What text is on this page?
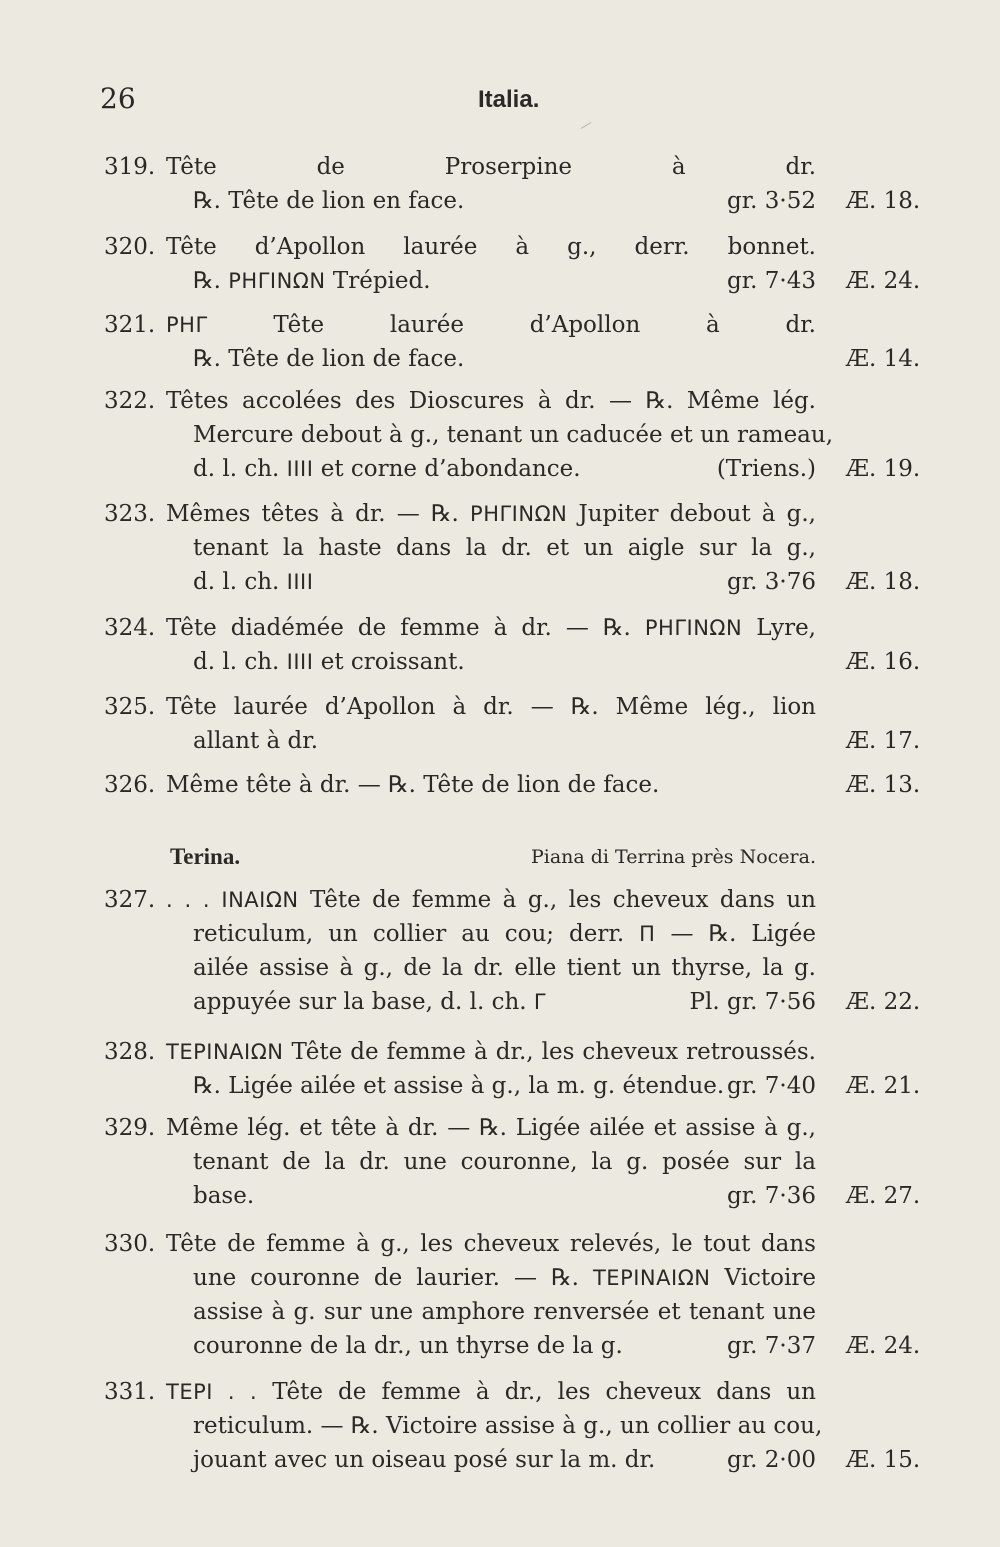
26	Italia.
319. Tête de Proserpine à dr.
℞. Tête de lion en face.	gr. 3·52 Æ. 18.
320. Tête d’Apollon laurée à g., derr. bonnet.
℞. PHΓINΩN Trépied.	gr. 7·43 Æ. 24.
321. PHΓ Tête laurée d’Apollon à dr.
℞. Tête de lion de face.	Æ. 14.
322. Têtes accolées des Dioscures à dr. — ℞. Même lég.
Mercure debout à g., tenant un caducée et un rameau,
d. l. ch. IIII et corne d’abondance.	(Triens.) Æ. 19.
323. Mêmes têtes à dr. — ℞. PHΓINΩN Jupiter debout à g.,
tenant la haste dans la dr. et un aigle sur la g.,
d. l. ch. IIII	gr. 3·76 Æ. 18.
324. Tête diadémée de femme à dr. — ℞. PHΓINΩN Lyre,
d. l. ch. IIII et croissant.	Æ. 16.
325. Tête laurée d’Apollon à dr. — ℞. Même lég., lion
allant à dr.	Æ. 17.
326. Même tête à dr. — ℞. Tête de lion de face.	Æ. 13.
Terina.	Piana di Terrina près Nocera.
327. . . . INAIΩN Tête de femme à g., les cheveux dans un
reticulum, un collier au cou; derr. Π — ℞. Ligée
ailée assise à g., de la dr. elle tient un thyrse, la g.
appuyée sur la base, d. l. ch. Γ	Pl. gr. 7·56 Æ. 22.
328. TEPINAIΩN Tête de femme à dr., les cheveux retroussés.
℞. Ligée ailée et assise à g., la m. g. étendue. gr. 7·40 Æ. 21.
329. Même lég. et tête à dr. — ℞. Ligée ailée et assise à g.,
tenant de la dr. une couronne, la g. posée sur la
base.	gr. 7·36 Æ. 27.
330. Tête de femme à g., les cheveux relevés, le tout dans
une couronne de laurier. — ℞. TEPINAIΩN Victoire
assise à g. sur une amphore renversée et tenant une
couronne de la dr., un thyrse de la g.	gr. 7·37 Æ. 24.
331. TEPI . . Tête de femme à dr., les cheveux dans un
reticulum. — ℞. Victoire assise à g., un collier au cou,
jouant avec un oiseau posé sur la m. dr.	gr. 2·00 Æ. 15.
